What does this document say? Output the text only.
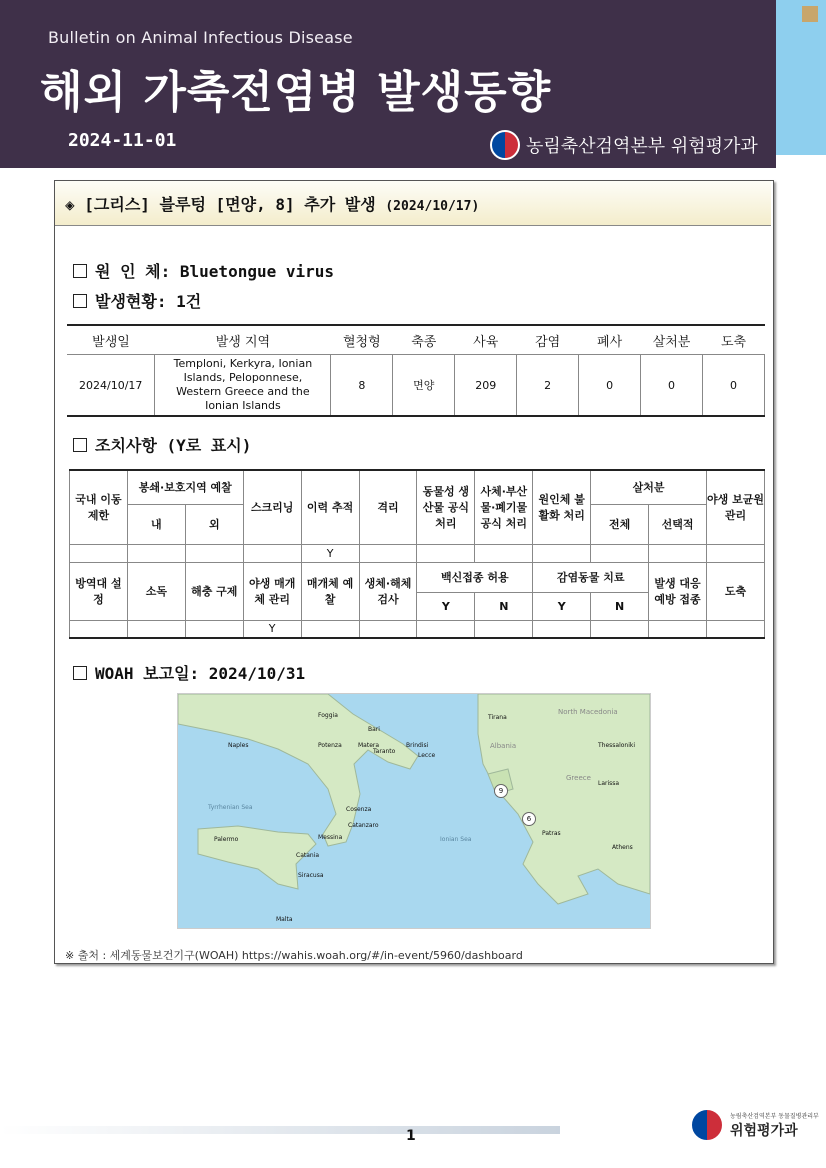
Bulletin on Animal Infectious Disease
해외 가축전염병 발생동향
2024-11-01	농림축산검역본부 위험평가과
◈ [그리스] 블루텅 [면양, 8] 추가 발생 (2024/10/17)
원 인 체: Bluetongue virus
발생현황: 1건
발생일	발생 지역	혈청형	축종	사육	감염	폐사	살처분	도축
2024/10/17	Temploni, Kerkyra, Ionian Islands, Peloponnese, Western Greece and the Ionian Islands	8	면양	209	2	0	0	0
조치사항 (Y로 표시)
국내 이동 제한	봉쇄·보호지역 예찰		스크리닝	이력 추적	격리	동물성 생산물 공식 처리	사체·부산물·폐기물 공식 처리	원인체 불활화 처리	살처분		야생 보균원 관리
	내	외							전체	선택적	
				Y							
방역대 설정	소독	해충 구제	야생 매개체 관리	매개체 예찰	생체·해체 검사	백신접종 허용		감염동물 치료		발생 대응 예방 접종	도축
						Y	N	Y	N		
			Y								
WOAH 보고일: 2024/10/31
Naples	Potenza	Matera
Taranto
Bari
Foggia
Brindisi
Lecce
Cosenza
Catanzaro
Messina
Palermo
Catania
Siracusa
Malta
Tirana
Albania
North Macedonia
Greece
Thessaloniki
Larissa
Patras
Athens
Ionian Sea
Tyrrhenian Sea
9
6
※ 출처 : 세계동물보건기구(WOAH) https://wahis.woah.org/#/in-event/5960/dashboard
1
농림축산검역본부 동물질병관리부
위험평가과
